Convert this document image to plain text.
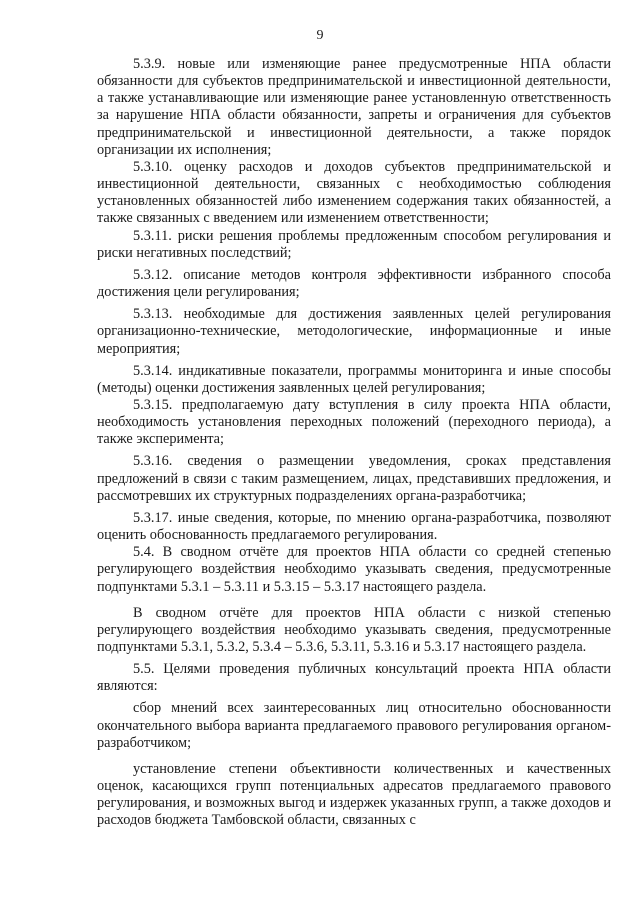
9

5.3.9. новые или изменяющие ранее предусмотренные НПА области обязанности для субъектов предпринимательской и инвестиционной деятельности, а также устанавливающие или изменяющие ранее установленную ответственность за нарушение НПА области обязанности, запреты и ограничения для субъектов предпринимательской и инвестиционной деятельности, а также порядок организации их исполнения;

5.3.10. оценку расходов и доходов субъектов предпринимательской и инвестиционной деятельности, связанных с необходимостью соблюдения установленных обязанностей либо изменением содержания таких обязанностей, а также связанных с введением или изменением ответственности;

5.3.11. риски решения проблемы предложенным способом регулирования и риски негативных последствий;

5.3.12. описание методов контроля эффективности избранного способа достижения цели регулирования;

5.3.13. необходимые для достижения заявленных целей регулирования организационно-технические, методологические, информационные и иные мероприятия;

5.3.14. индикативные показатели, программы мониторинга и иные способы (методы) оценки достижения заявленных целей регулирования;

5.3.15. предполагаемую дату вступления в силу проекта НПА области, необходимость установления переходных положений (переходного периода), а также эксперимента;

5.3.16. сведения о размещении уведомления, сроках представления предложений в связи с таким размещением, лицах, представивших предложения, и рассмотревших их структурных подразделениях органа-разработчика;

5.3.17. иные сведения, которые, по мнению органа-разработчика, позволяют оценить обоснованность предлагаемого регулирования.

5.4. В сводном отчёте для проектов НПА области со средней степенью регулирующего воздействия необходимо указывать сведения, предусмотренные подпунктами 5.3.1 – 5.3.11 и 5.3.15 – 5.3.17 настоящего раздела.

В сводном отчёте для проектов НПА области с низкой степенью регулирующего воздействия необходимо указывать сведения, предусмотренные подпунктами 5.3.1, 5.3.2, 5.3.4 – 5.3.6, 5.3.11, 5.3.16 и 5.3.17 настоящего раздела.

5.5. Целями проведения публичных консультаций проекта НПА области являются:

сбор мнений всех заинтересованных лиц относительно обоснованности окончательного выбора варианта предлагаемого правового регулирования органом-разработчиком;

установление степени объективности количественных и качественных оценок, касающихся групп потенциальных адресатов предлагаемого правового регулирования, и возможных выгод и издержек указанных групп, а также доходов и расходов бюджета Тамбовской области, связанных с
